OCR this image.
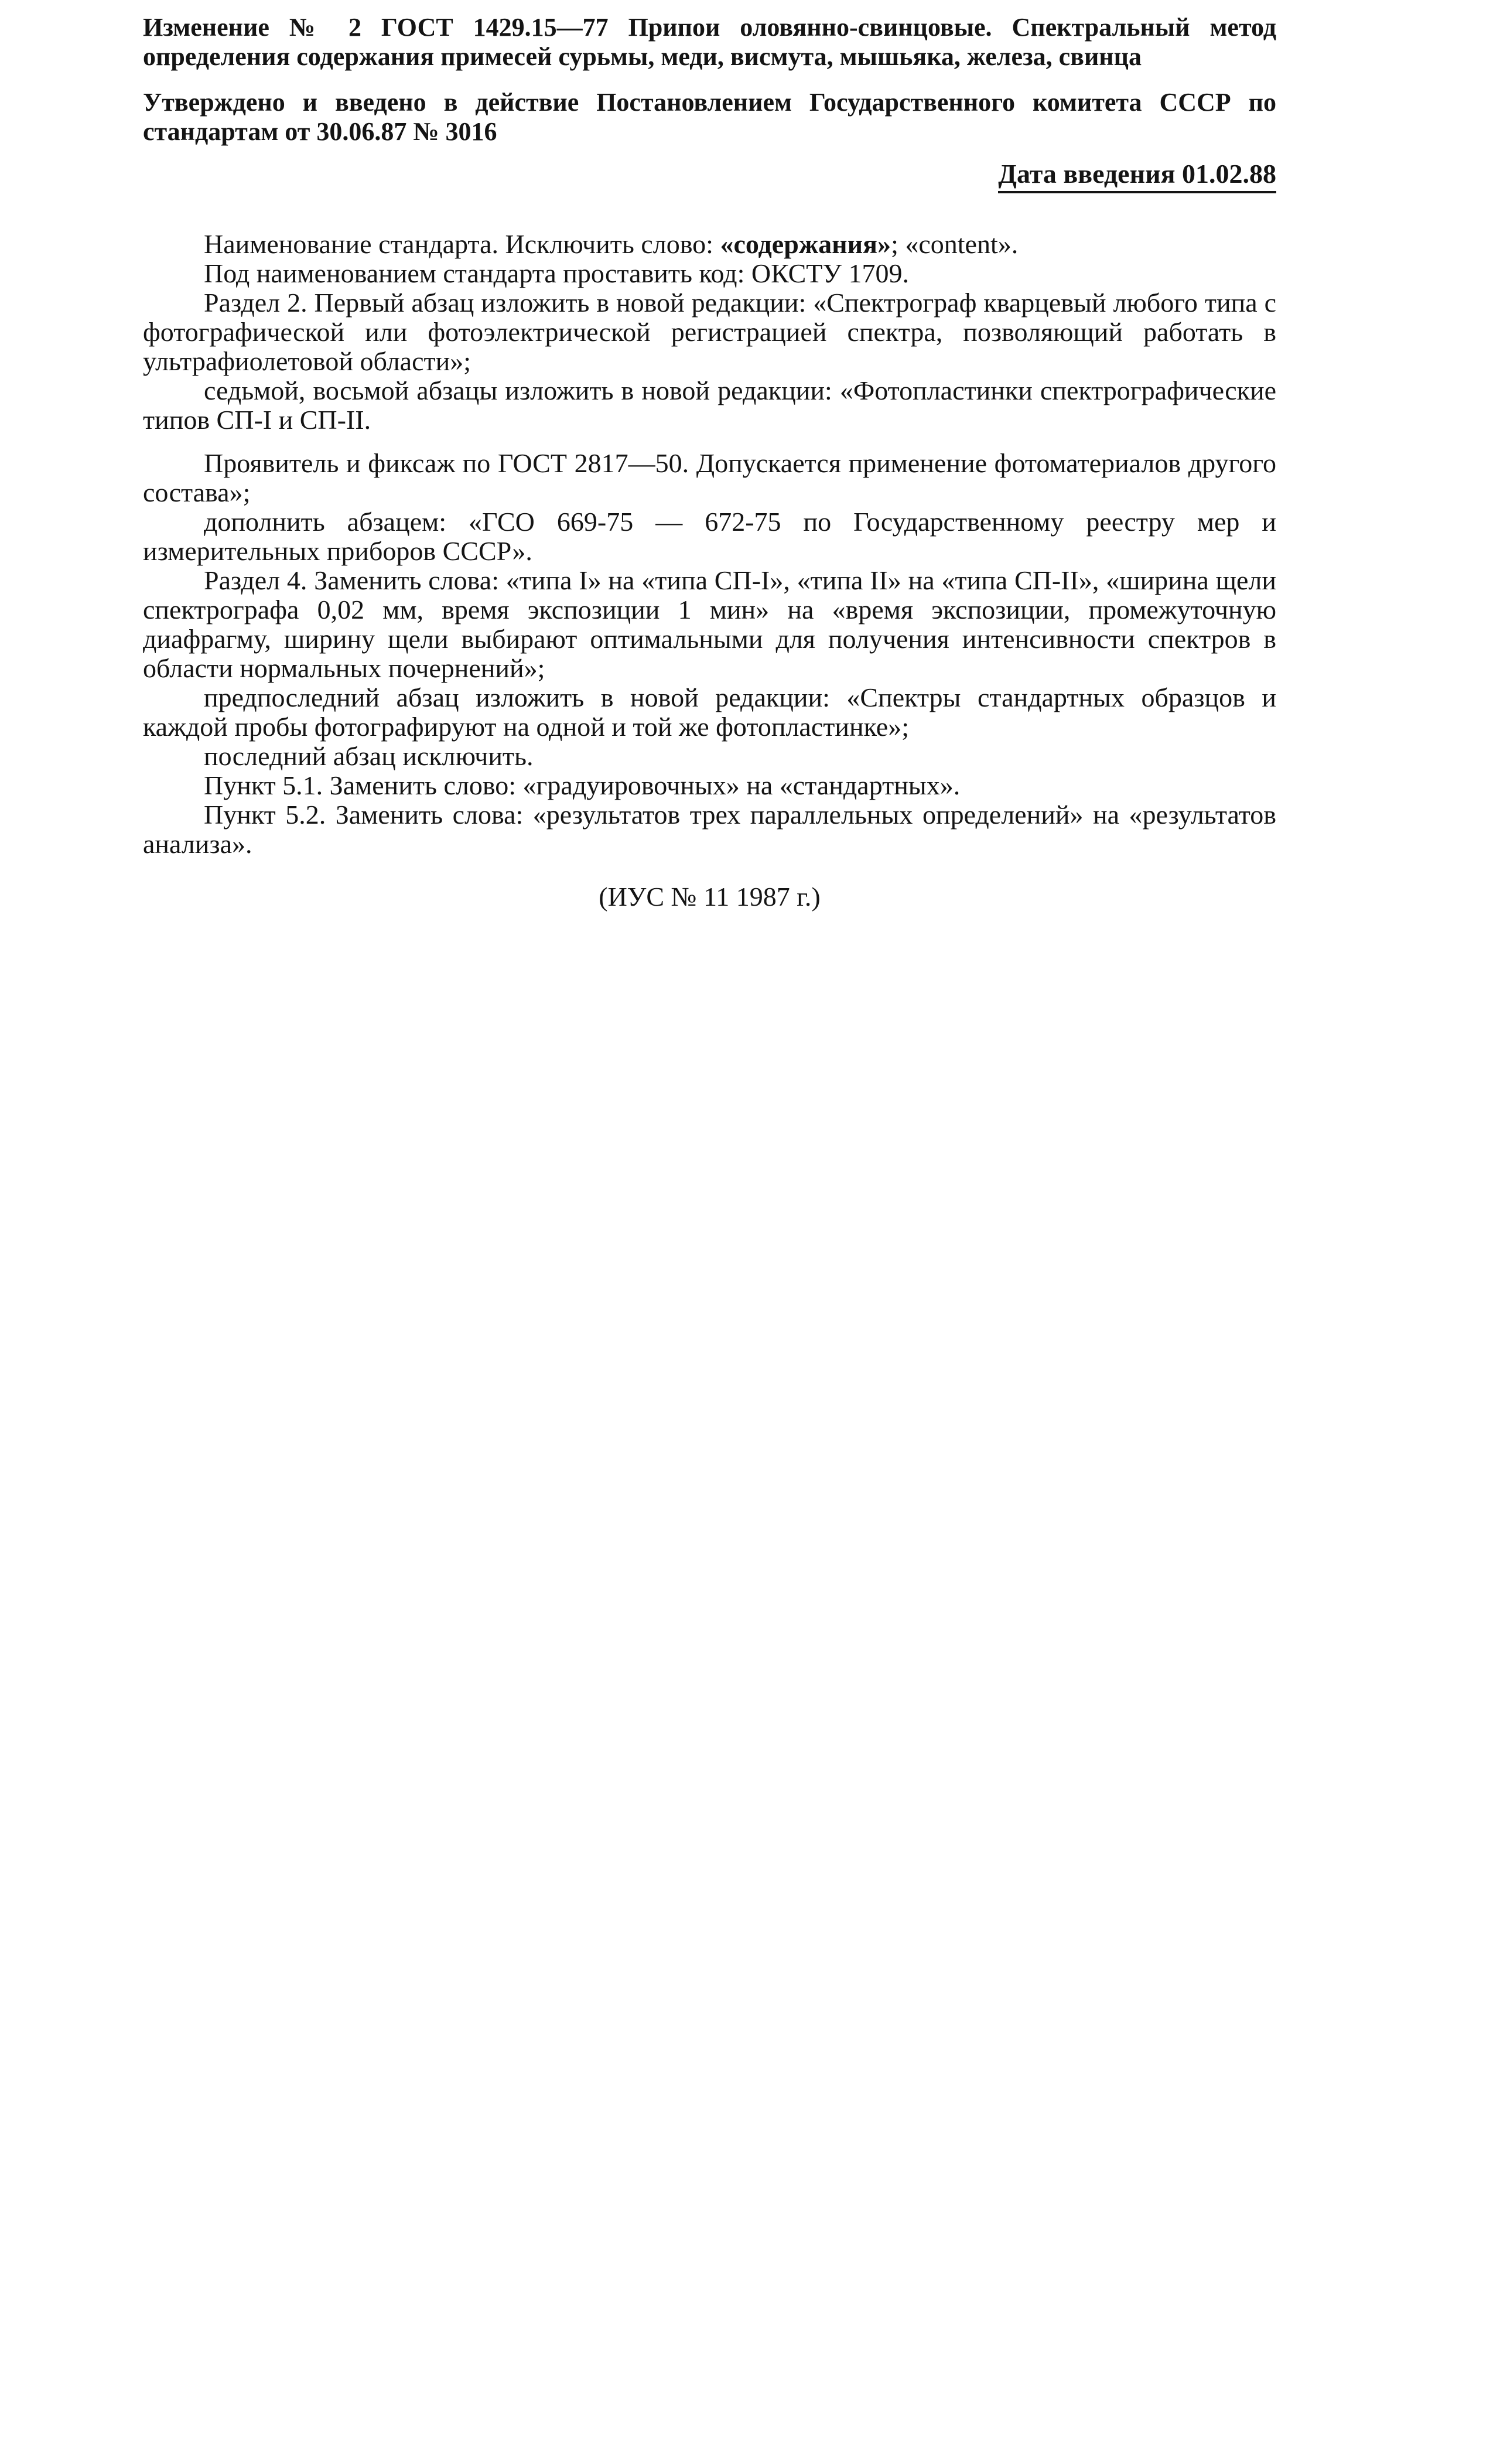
Изменение № 2 ГОСТ 1429.15—77 Припои оловянно-свинцовые. Спектральный метод определения содержания примесей сурьмы, меди, висмута, мышьяка, железа, свинца

Утверждено и введено в действие Постановлением Государственного комитета СССР по стандартам от 30.06.87 № 3016

Дата введения 01.02.88

Наименование стандарта. Исключить слово: «содержания»; «content».

Под наименованием стандарта проставить код: ОКСТУ 1709.

Раздел 2. Первый абзац изложить в новой редакции: «Спектрограф кварцевый любого типа с фотографической или фотоэлектрической регистрацией спектра, позволяющий работать в ультрафиолетовой области»;

седьмой, восьмой абзацы изложить в новой редакции: «Фотопластинки спектрографические типов СП-I и СП-II.

Проявитель и фиксаж по ГОСТ 2817—50. Допускается применение фотоматериалов другого состава»;

дополнить абзацем: «ГСО 669-75 — 672-75 по Государственному реестру мер и измерительных приборов СССР».

Раздел 4. Заменить слова: «типа I» на «типа СП-I», «типа II» на «типа СП-II», «ширина щели спектрографа 0,02 мм, время экспозиции 1 мин» на «время экспозиции, промежуточную диафрагму, ширину щели выбирают оптимальными для получения интенсивности спектров в области нормальных почернений»;

предпоследний абзац изложить в новой редакции: «Спектры стандартных образцов и каждой пробы фотографируют на одной и той же фотопластинке»;

последний абзац исключить.

Пункт 5.1. Заменить слово: «градуировочных» на «стандартных».

Пункт 5.2. Заменить слова: «результатов трех параллельных определений» на «результатов анализа».

(ИУС № 11 1987 г.)
